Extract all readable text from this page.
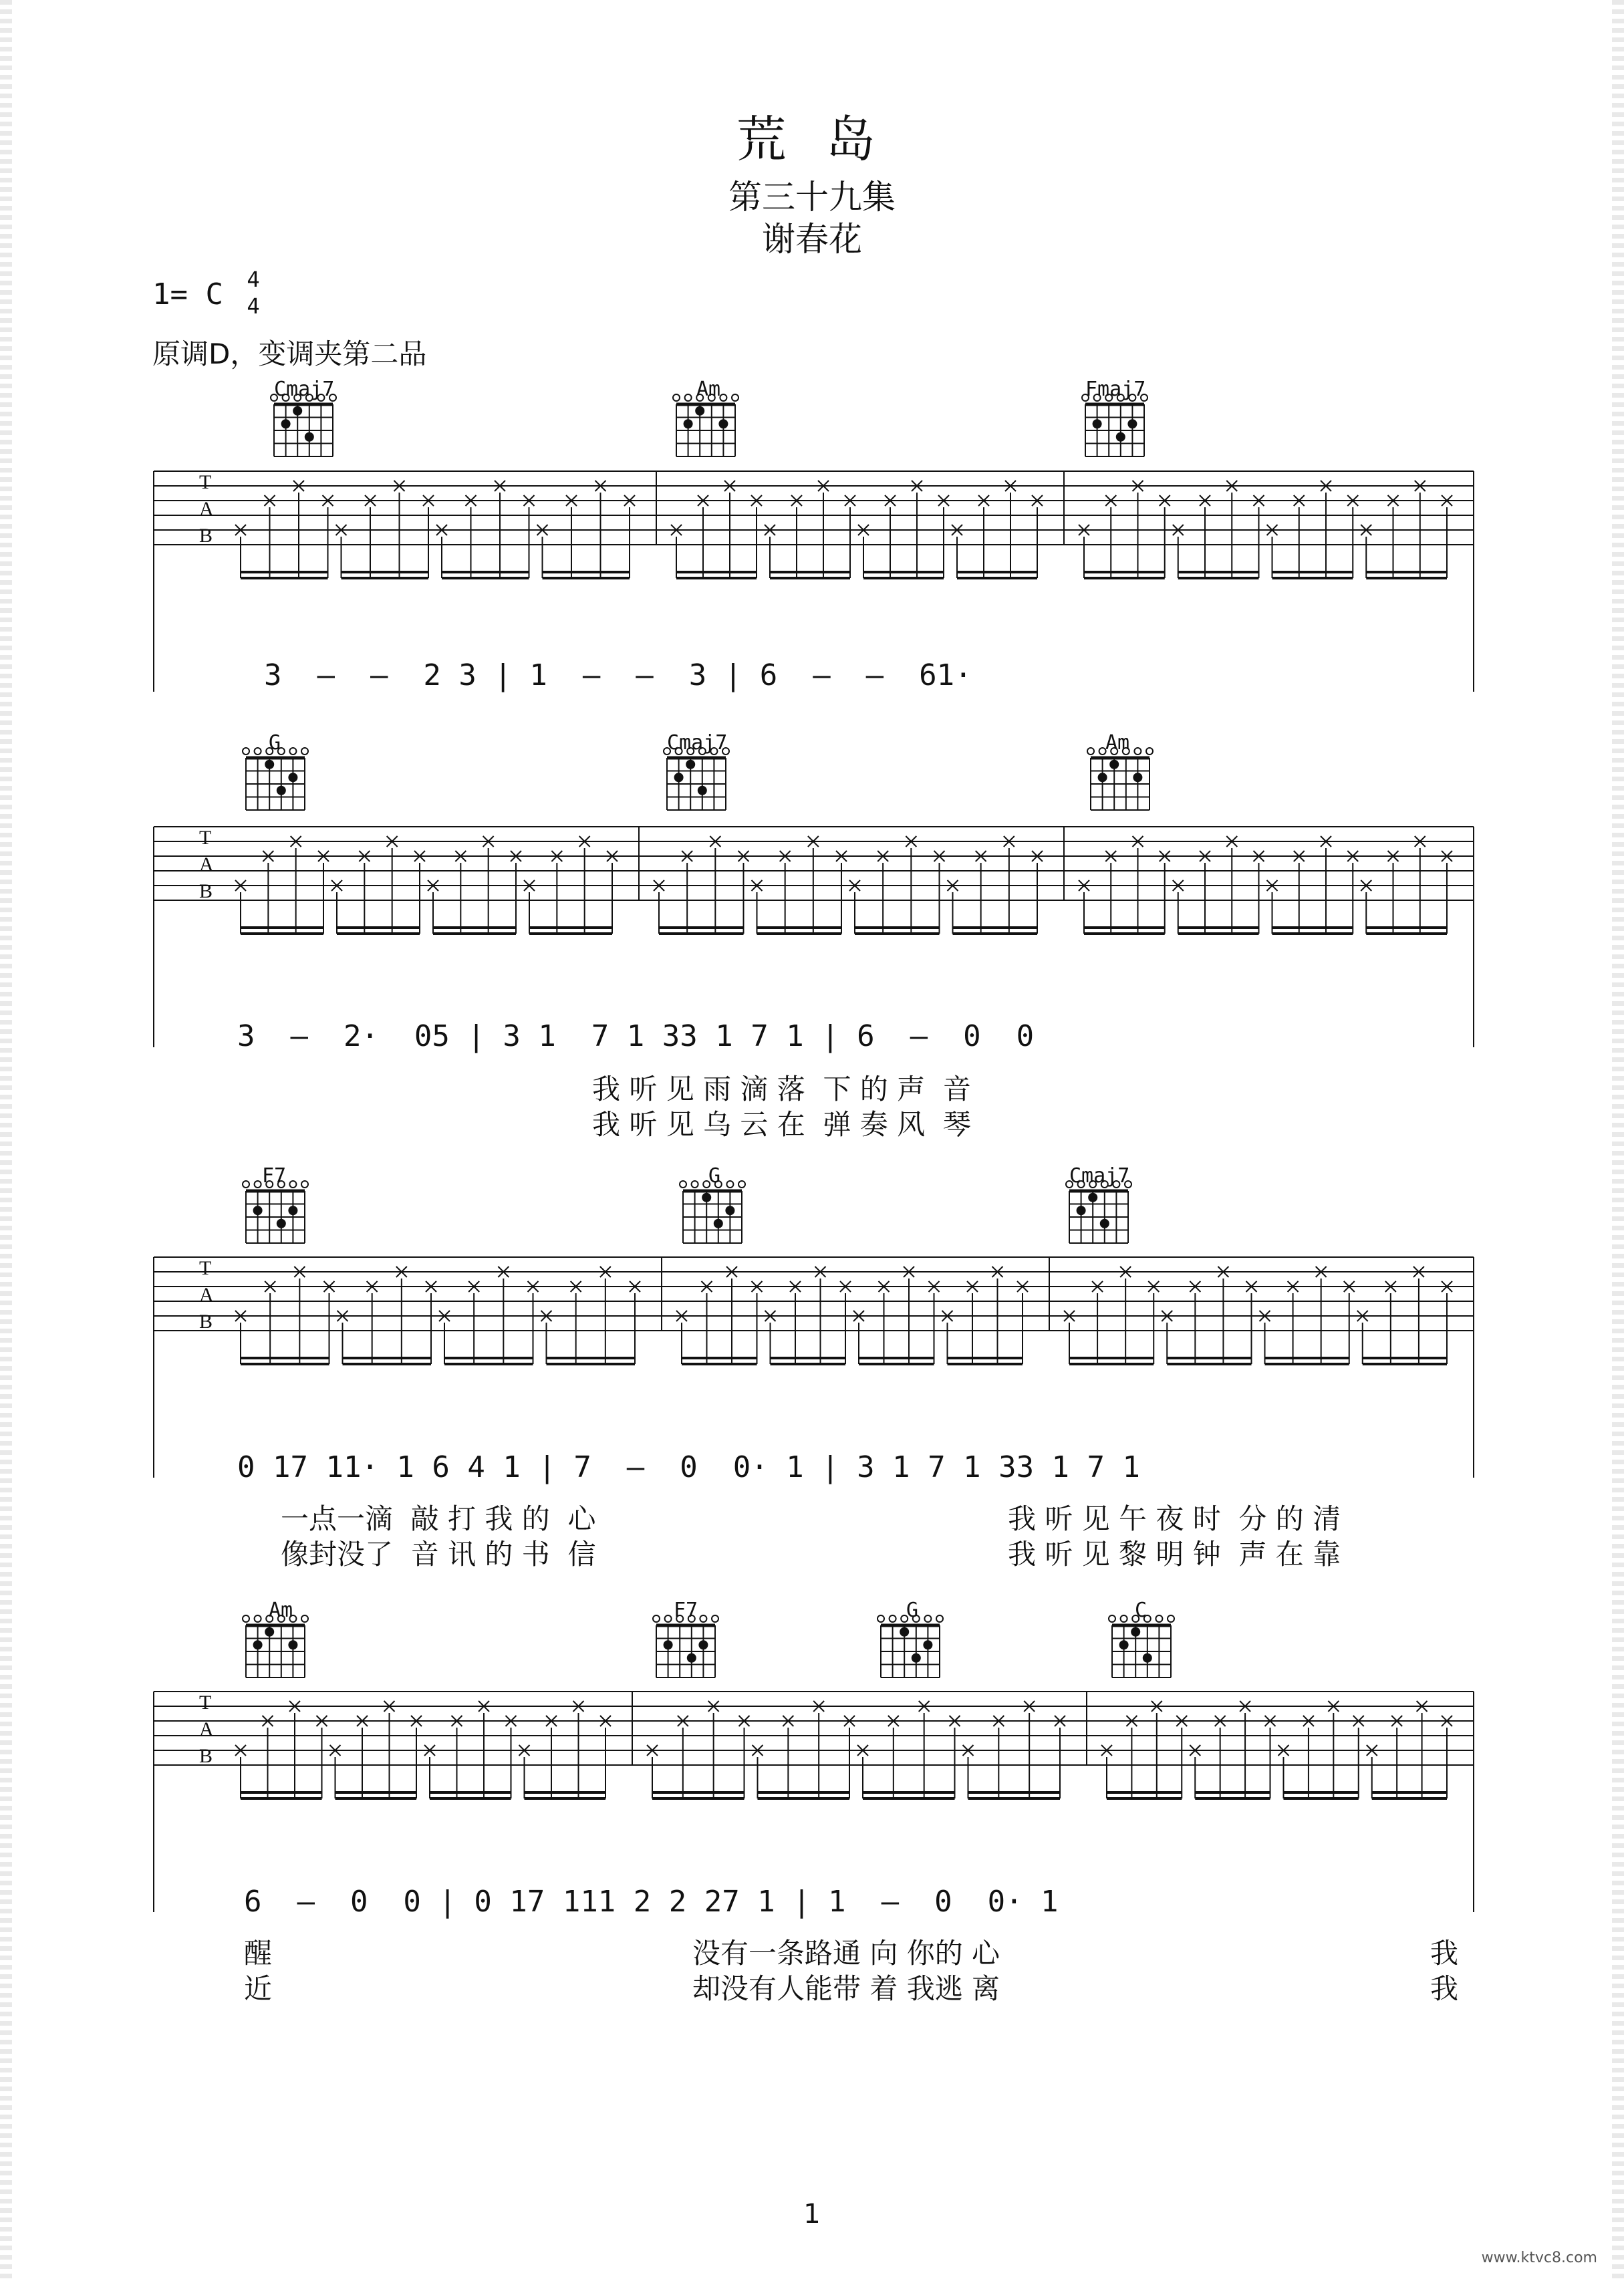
荒 岛
第三十九集
谢春花
1= C 4
4
原调D，变调夹第二品
Cmaj7	Am	Fmaj7
G	Cmaj7	Am
F7	G	Cmaj7
Am	F7	G	C
T
A
B
T
A
B
T
A
B
T
A
B
3  –  –  2 3 | 1  –  –  3 | 6  –  –  61·
3  –  2·  05 | 3 1  7 1 33 1 7 1 | 6  –  0  0
我 听 见 雨 滴 落  下 的 声  音
我 听 见 乌 云 在  弹 奏 风  琴
0 17 11· 1 6 4 1 | 7  –  0  0· 1 | 3 1 7 1 33 1 7 1
一点一滴  敲 打 我 的  心
像封没了  音 讯 的 书  信
我 听 见 午 夜 时  分 的 清
我 听 见 黎 明 钟  声 在 靠
6  –  0  0 | 0 17 111 2 2 27 1 | 1  –  0  0· 1
醒
近
没有一条路通 向 你的 心
却没有人能带 着 我逃 离
我
我
1
www.ktvc8.com
